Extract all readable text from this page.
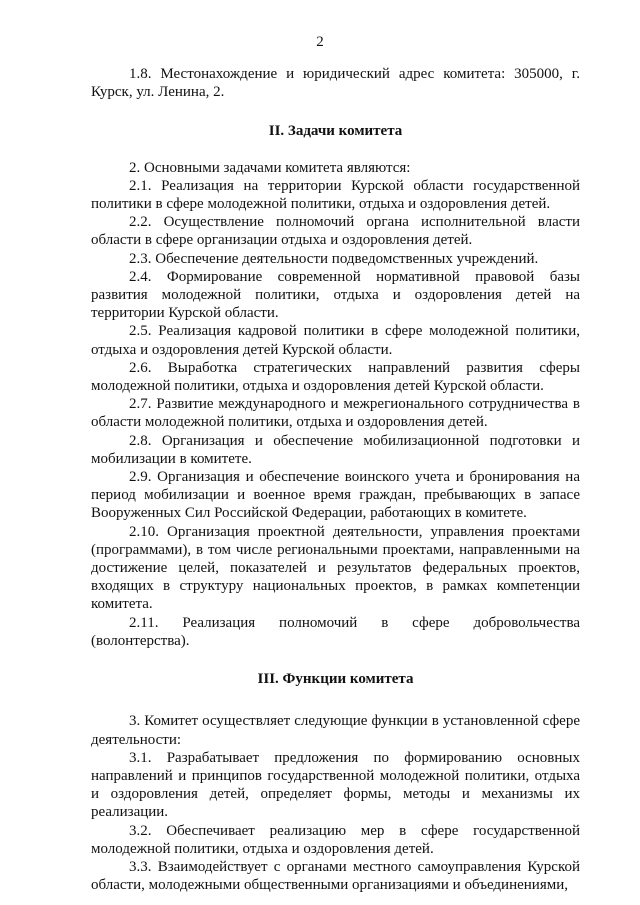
2

1.8. Местонахождение и юридический адрес комитета: 305000, г. Курск, ул. Ленина, 2.

II. Задачи комитета

2. Основными задачами комитета являются:

2.1. Реализация на территории Курской области государственной политики в сфере молодежной политики, отдыха и оздоровления детей.

2.2. Осуществление полномочий органа исполнительной власти области в сфере организации отдыха и оздоровления детей.

2.3. Обеспечение деятельности подведомственных учреждений.

2.4. Формирование современной нормативной правовой базы развития молодежной политики, отдыха и оздоровления детей на территории Курской области.

2.5. Реализация кадровой политики в сфере молодежной политики, отдыха и оздоровления детей Курской области.

2.6. Выработка стратегических направлений развития сферы молодежной политики, отдыха и оздоровления детей Курской области.

2.7. Развитие международного и межрегионального сотрудничества в области молодежной политики, отдыха и оздоровления детей.

2.8. Организация и обеспечение мобилизационной подготовки и мобилизации в комитете.

2.9. Организация и обеспечение воинского учета и бронирования на период мобилизации и военное время граждан, пребывающих в запасе Вооруженных Сил Российской Федерации, работающих в комитете.

2.10. Организация проектной деятельности, управления проектами (программами), в том числе региональными проектами, направленными на достижение целей, показателей и результатов федеральных проектов, входящих в структуру национальных проектов, в рамках компетенции комитета.

2.11. Реализация полномочий в сфере добровольчества (волонтерства).

III. Функции комитета

3. Комитет осуществляет следующие функции в установленной сфере деятельности:

3.1. Разрабатывает предложения по формированию основных направлений и принципов государственной молодежной политики, отдыха и оздоровления детей, определяет формы, методы и механизмы их реализации.

3.2. Обеспечивает реализацию мер в сфере государственной молодежной политики, отдыха и оздоровления детей.

3.3. Взаимодействует с органами местного самоуправления Курской области, молодежными общественными организациями и объединениями,
